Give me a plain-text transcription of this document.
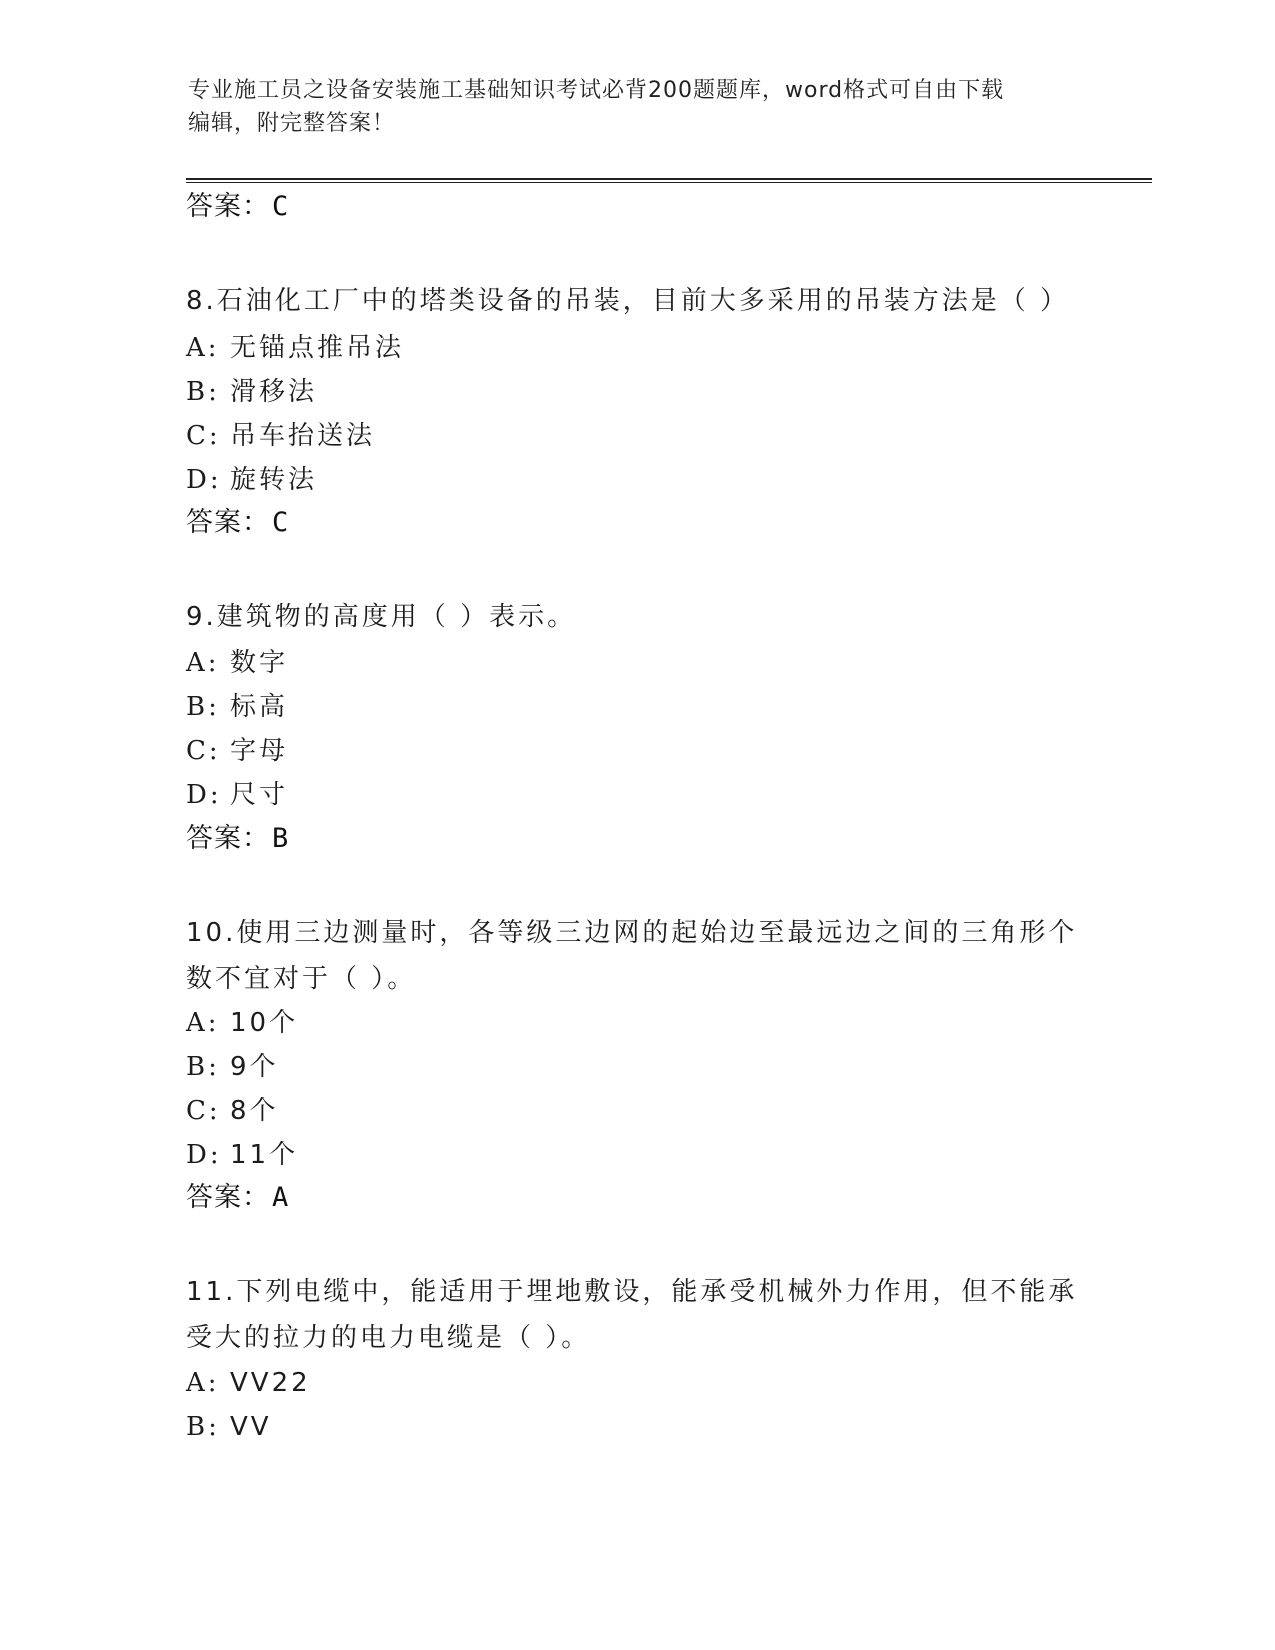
专业施工员之设备安装施工基础知识考试必背200题题库，word格式可自由下载
编辑，附完整答案！
答案：C
8.石油化工厂中的塔类设备的吊装，目前大多采用的吊装方法是（ ）
A: 无锚点推吊法
B: 滑移法
C: 吊车抬送法
D: 旋转法
答案：C
9.建筑物的高度用（ ）表示。
A: 数字
B: 标高
C: 字母
D: 尺寸
答案：B
10.使用三边测量时，各等级三边网的起始边至最远边之间的三角形个
数不宜对于（ ）。
A: 10个
B: 9个
C: 8个
D: 11个
答案：A
11.下列电缆中，能适用于埋地敷设，能承受机械外力作用，但不能承
受大的拉力的电力电缆是（ ）。
A: VV22
B: VV
